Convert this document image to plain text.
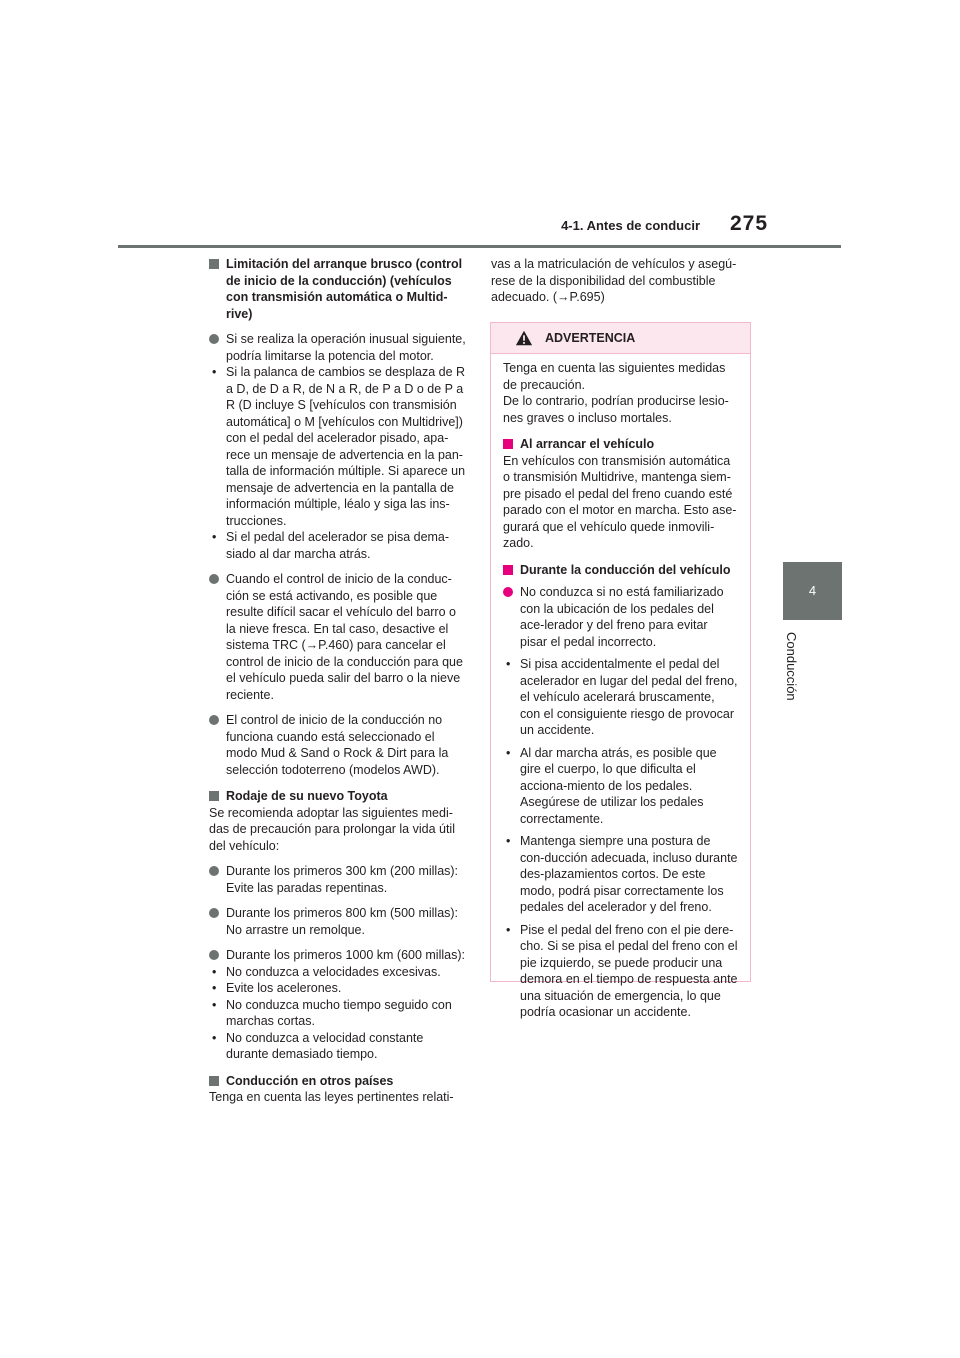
4-1. Antes de conducir 275
4
Conducción
Limitación del arranque brusco (control de inicio de la conducción) (vehículos con transmisión automática o Multid-rive)
Si se realiza la operación inusual siguiente, podría limitarse la potencia del motor.
• Si la palanca de cambios se desplaza de R a D, de D a R, de N a R, de P a D o de P a R (D incluye S [vehículos con transmisión automática] o M [vehículos con Multidrive]) con el pedal del acelerador pisado, apa-rece un mensaje de advertencia en la pan-talla de información múltiple. Si aparece un mensaje de advertencia en la pantalla de información múltiple, léalo y siga las ins-trucciones.
• Si el pedal del acelerador se pisa dema-siado al dar marcha atrás.
Cuando el control de inicio de la conduc-ción se está activando, es posible que resulte difícil sacar el vehículo del barro o la nieve fresca. En tal caso, desactive el sistema TRC (→P.460) para cancelar el control de inicio de la conducción para que el vehículo pueda salir del barro o la nieve reciente.
El control de inicio de la conducción no funciona cuando está seleccionado el modo Mud & Sand o Rock & Dirt para la selección todoterreno (modelos AWD).
Rodaje de su nuevo Toyota
Se recomienda adoptar las siguientes medi-das de precaución para prolongar la vida útil del vehículo:
Durante los primeros 300 km (200 millas): Evite las paradas repentinas.
Durante los primeros 800 km (500 millas): No arrastre un remolque.
Durante los primeros 1000 km (600 millas):
• No conduzca a velocidades excesivas.
• Evite los acelerones.
• No conduzca mucho tiempo seguido con marchas cortas.
• No conduzca a velocidad constante durante demasiado tiempo.
Conducción en otros países
Tenga en cuenta las leyes pertinentes relati-
vas a la matriculación de vehículos y asegú-rese de la disponibilidad del combustible adecuado. (→P.695)
ADVERTENCIA
Tenga en cuenta las siguientes medidas de precaución.
De lo contrario, podrían producirse lesio-nes graves o incluso mortales.
Al arrancar el vehículo
En vehículos con transmisión automática o transmisión Multidrive, mantenga siem-pre pisado el pedal del freno cuando esté parado con el motor en marcha. Esto ase-gurará que el vehículo quede inmovili-zado.
Durante la conducción del vehículo
No conduzca si no está familiarizado con la ubicación de los pedales del ace-lerador y del freno para evitar pisar el pedal incorrecto.
• Si pisa accidentalmente el pedal del acelerador en lugar del pedal del freno, el vehículo acelerará bruscamente, con el consiguiente riesgo de provocar un accidente.
• Al dar marcha atrás, es posible que gire el cuerpo, lo que dificulta el acciona-miento de los pedales. Asegúrese de utilizar los pedales correctamente.
• Mantenga siempre una postura de con-ducción adecuada, incluso durante des-plazamientos cortos. De este modo, podrá pisar correctamente los pedales del acelerador y del freno.
• Pise el pedal del freno con el pie dere-cho. Si se pisa el pedal del freno con el pie izquierdo, se puede producir una demora en el tiempo de respuesta ante una situación de emergencia, lo que podría ocasionar un accidente.
